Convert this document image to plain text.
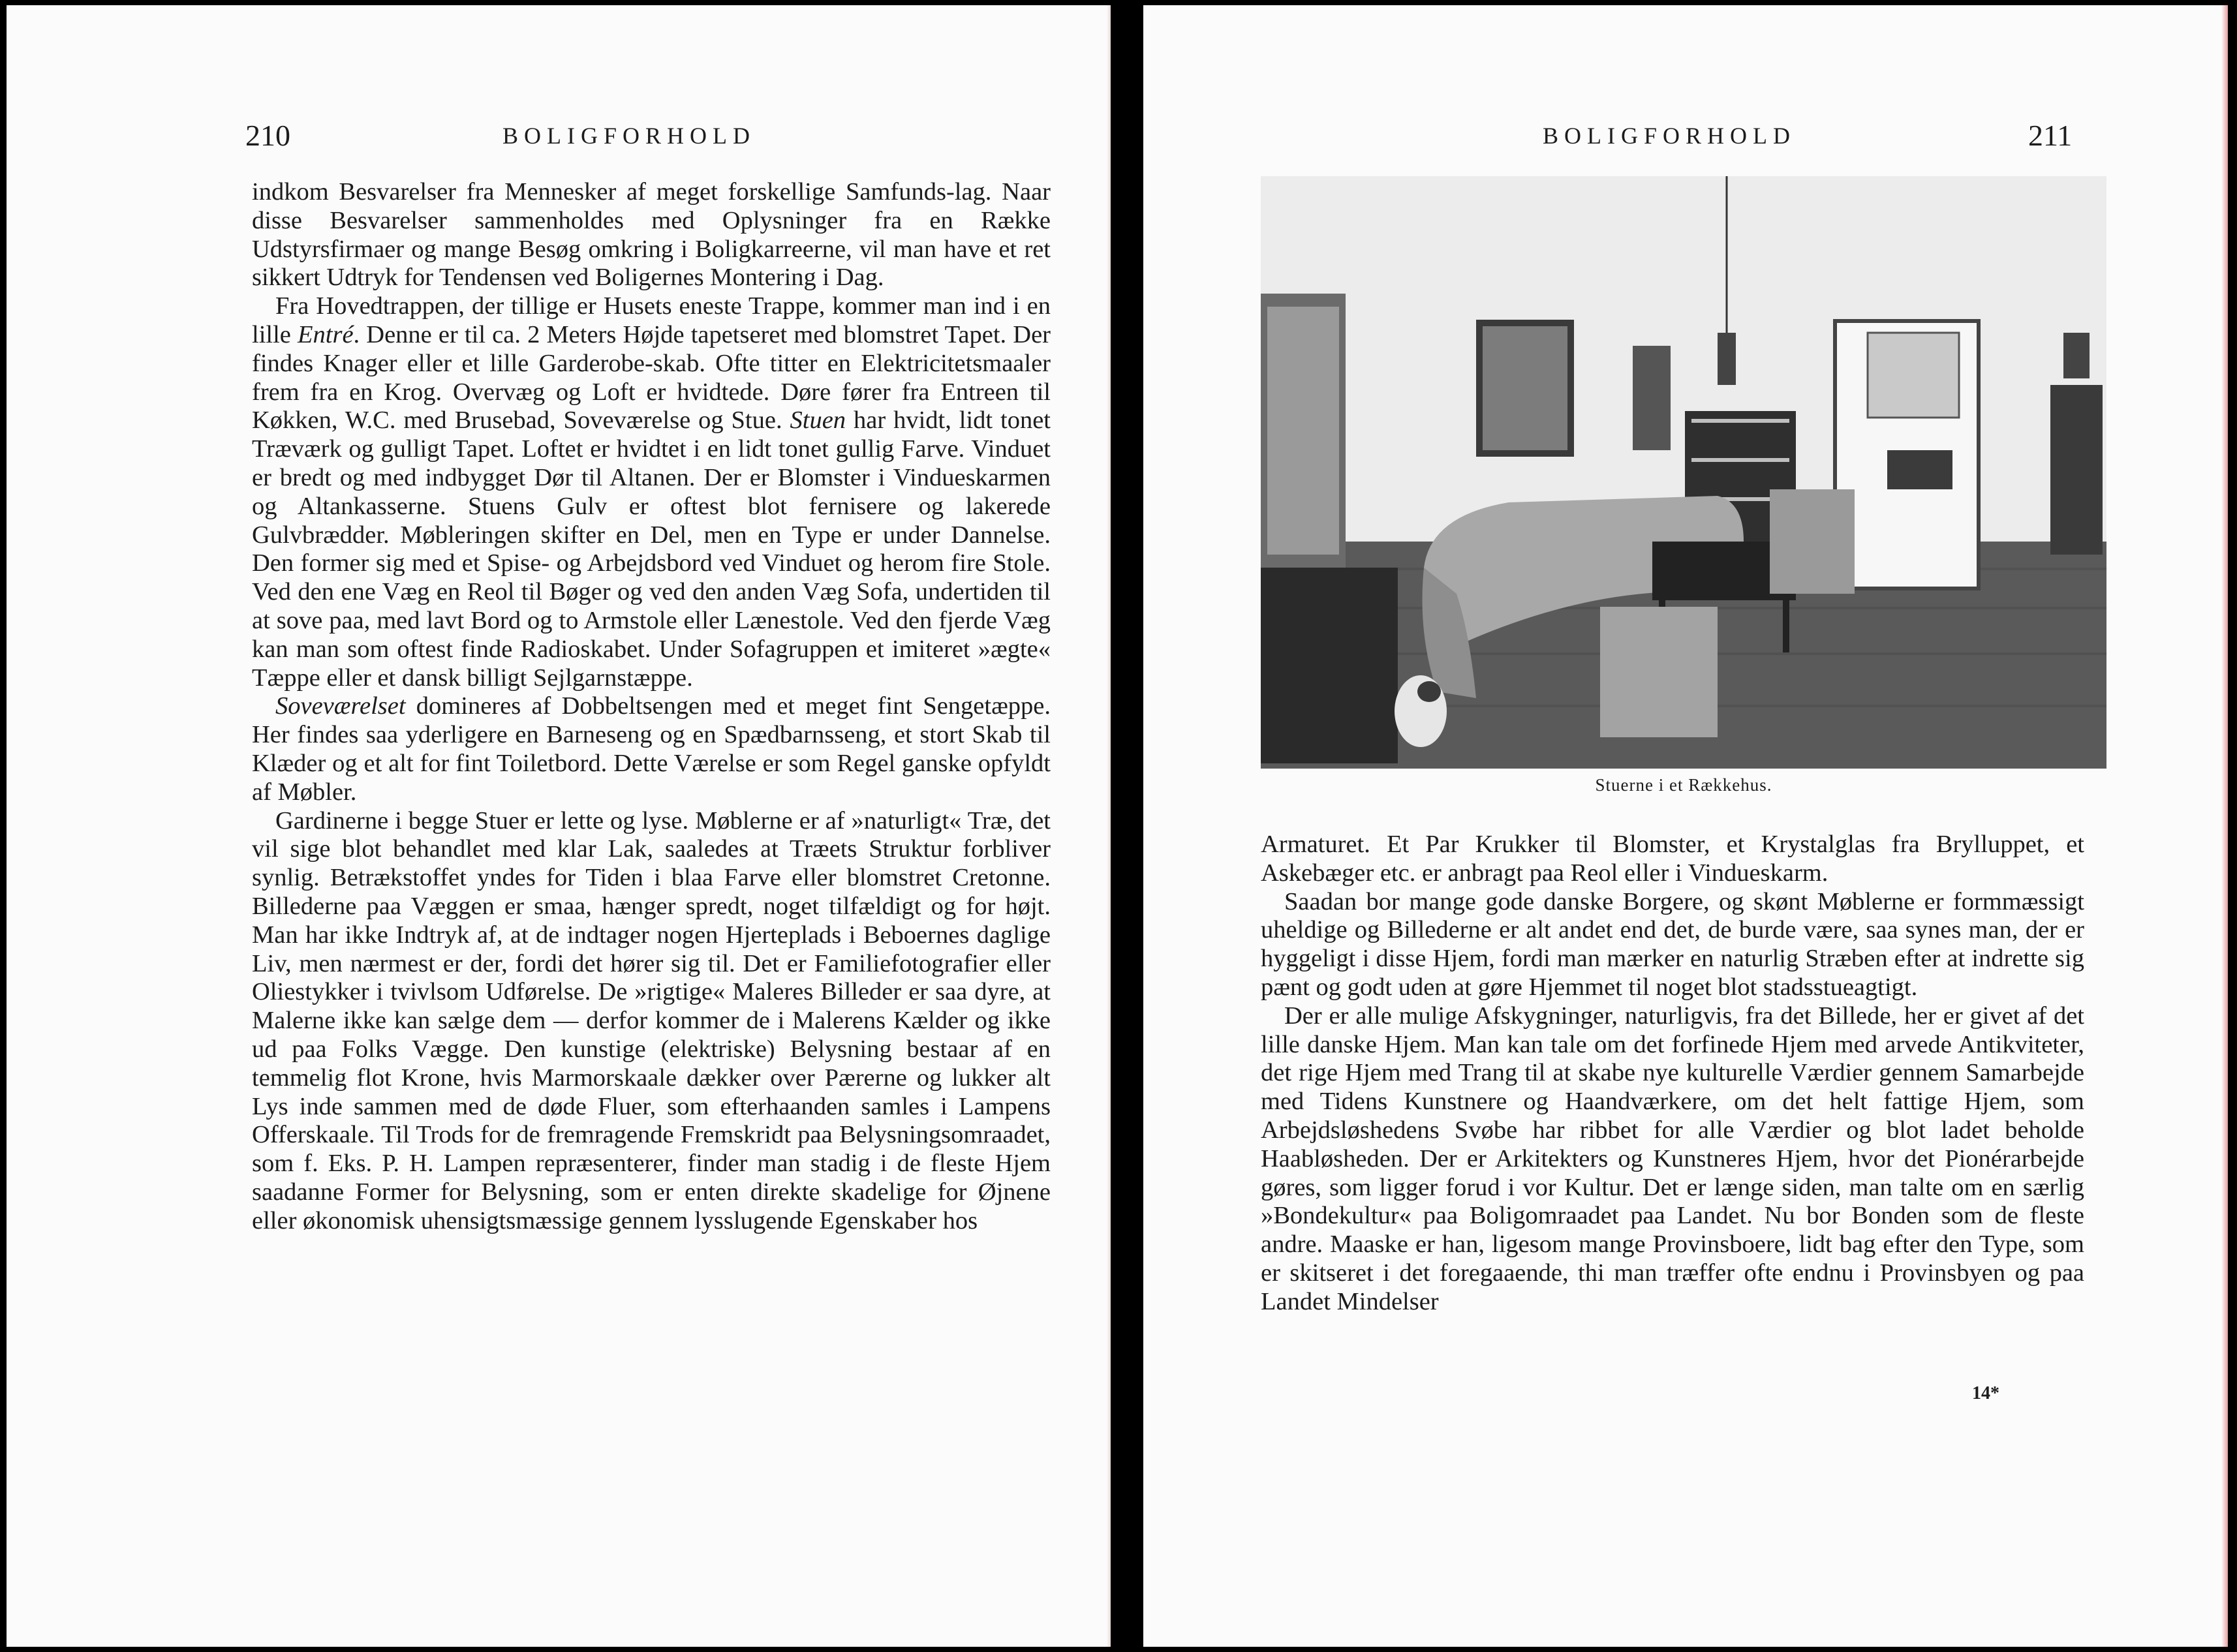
210	BOLIGFORHOLD

indkom Besvarelser fra Mennesker af meget forskellige Samfunds-lag. Naar disse Besvarelser sammenholdes med Oplysninger fra en Række Udstyrsfirmaer og mange Besøg omkring i Boligkarreerne, vil man have et ret sikkert Udtryk for Tendensen ved Boligernes Montering i Dag.

Fra Hovedtrappen, der tillige er Husets eneste Trappe, kommer man ind i en lille Entré. Denne er til ca. 2 Meters Højde tapetseret med blomstret Tapet. Der findes Knager eller et lille Garderobe-skab. Ofte titter en Elektricitetsmaaler frem fra en Krog. Overvæg og Loft er hvidtede. Døre fører fra Entreen til Køkken, W.C. med Brusebad, Soveværelse og Stue. Stuen har hvidt, lidt tonet Træværk og gulligt Tapet. Loftet er hvidtet i en lidt tonet gullig Farve. Vinduet er bredt og med indbygget Dør til Altanen. Der er Blomster i Vindueskarmen og Altankasserne. Stuens Gulv er oftest blot fernisere og lakerede Gulvbrædder. Møbleringen skifter en Del, men en Type er under Dannelse. Den former sig med et Spise- og Arbejdsbord ved Vinduet og herom fire Stole. Ved den ene Væg en Reol til Bøger og ved den anden Væg Sofa, undertiden til at sove paa, med lavt Bord og to Armstole eller Lænestole. Ved den fjerde Væg kan man som oftest finde Radioskabet. Under Sofagruppen et imiteret »ægte« Tæppe eller et dansk billigt Sejlgarnstæppe.

Soveværelset domineres af Dobbeltsengen med et meget fint Sengetæppe. Her findes saa yderligere en Barneseng og en Spædbarnsseng, et stort Skab til Klæder og et alt for fint Toiletbord. Dette Værelse er som Regel ganske opfyldt af Møbler.

Gardinerne i begge Stuer er lette og lyse. Møblerne er af »naturligt« Træ, det vil sige blot behandlet med klar Lak, saaledes at Træets Struktur forbliver synlig. Betrækstoffet yndes for Tiden i blaa Farve eller blomstret Cretonne. Billederne paa Væggen er smaa, hænger spredt, noget tilfældigt og for højt. Man har ikke Indtryk af, at de indtager nogen Hjerteplads i Beboernes daglige Liv, men nærmest er der, fordi det hører sig til. Det er Familiefotografier eller Oliestykker i tvivlsom Udførelse. De »rigtige« Maleres Billeder er saa dyre, at Malerne ikke kan sælge dem — derfor kommer de i Malerens Kælder og ikke ud paa Folks Vægge. Den kunstige (elektriske) Belysning bestaar af en temmelig flot Krone, hvis Marmorskaale dækker over Pærerne og lukker alt Lys inde sammen med de døde Fluer, som efterhaanden samles i Lampens Offerskaale. Til Trods for de fremragende Fremskridt paa Belysningsomraadet, som f. Eks. P. H. Lampen repræsenterer, finder man stadig i de fleste Hjem saadanne Former for Belysning, som er enten direkte skadelige for Øjnene eller økonomisk uhensigtsmæssige gennem lysslugende Egenskaber hos

BOLIGFORHOLD	211
Stuerne i et Rækkehus.

Armaturet. Et Par Krukker til Blomster, et Krystalglas fra Brylluppet, et Askebæger etc. er anbragt paa Reol eller i Vindueskarm.

Saadan bor mange gode danske Borgere, og skønt Møblerne er formmæssigt uheldige og Billederne er alt andet end det, de burde være, saa synes man, der er hyggeligt i disse Hjem, fordi man mærker en naturlig Stræben efter at indrette sig pænt og godt uden at gøre Hjemmet til noget blot stadsstueagtigt.

Der er alle mulige Afskygninger, naturligvis, fra det Billede, her er givet af det lille danske Hjem. Man kan tale om det forfinede Hjem med arvede Antikviteter, det rige Hjem med Trang til at skabe nye kulturelle Værdier gennem Samarbejde med Tidens Kunstnere og Haandværkere, om det helt fattige Hjem, som Arbejdsløshedens Svøbe har ribbet for alle Værdier og blot ladet beholde Haabløsheden. Der er Arkitekters og Kunstneres Hjem, hvor det Pionérarbejde gøres, som ligger forud i vor Kultur. Det er længe siden, man talte om en særlig »Bondekultur« paa Boligomraadet paa Landet. Nu bor Bonden som de fleste andre. Maaske er han, ligesom mange Provinsboere, lidt bag efter den Type, som er skitseret i det foregaaende, thi man træffer ofte endnu i Provinsbyen og paa Landet Mindelser

14*
